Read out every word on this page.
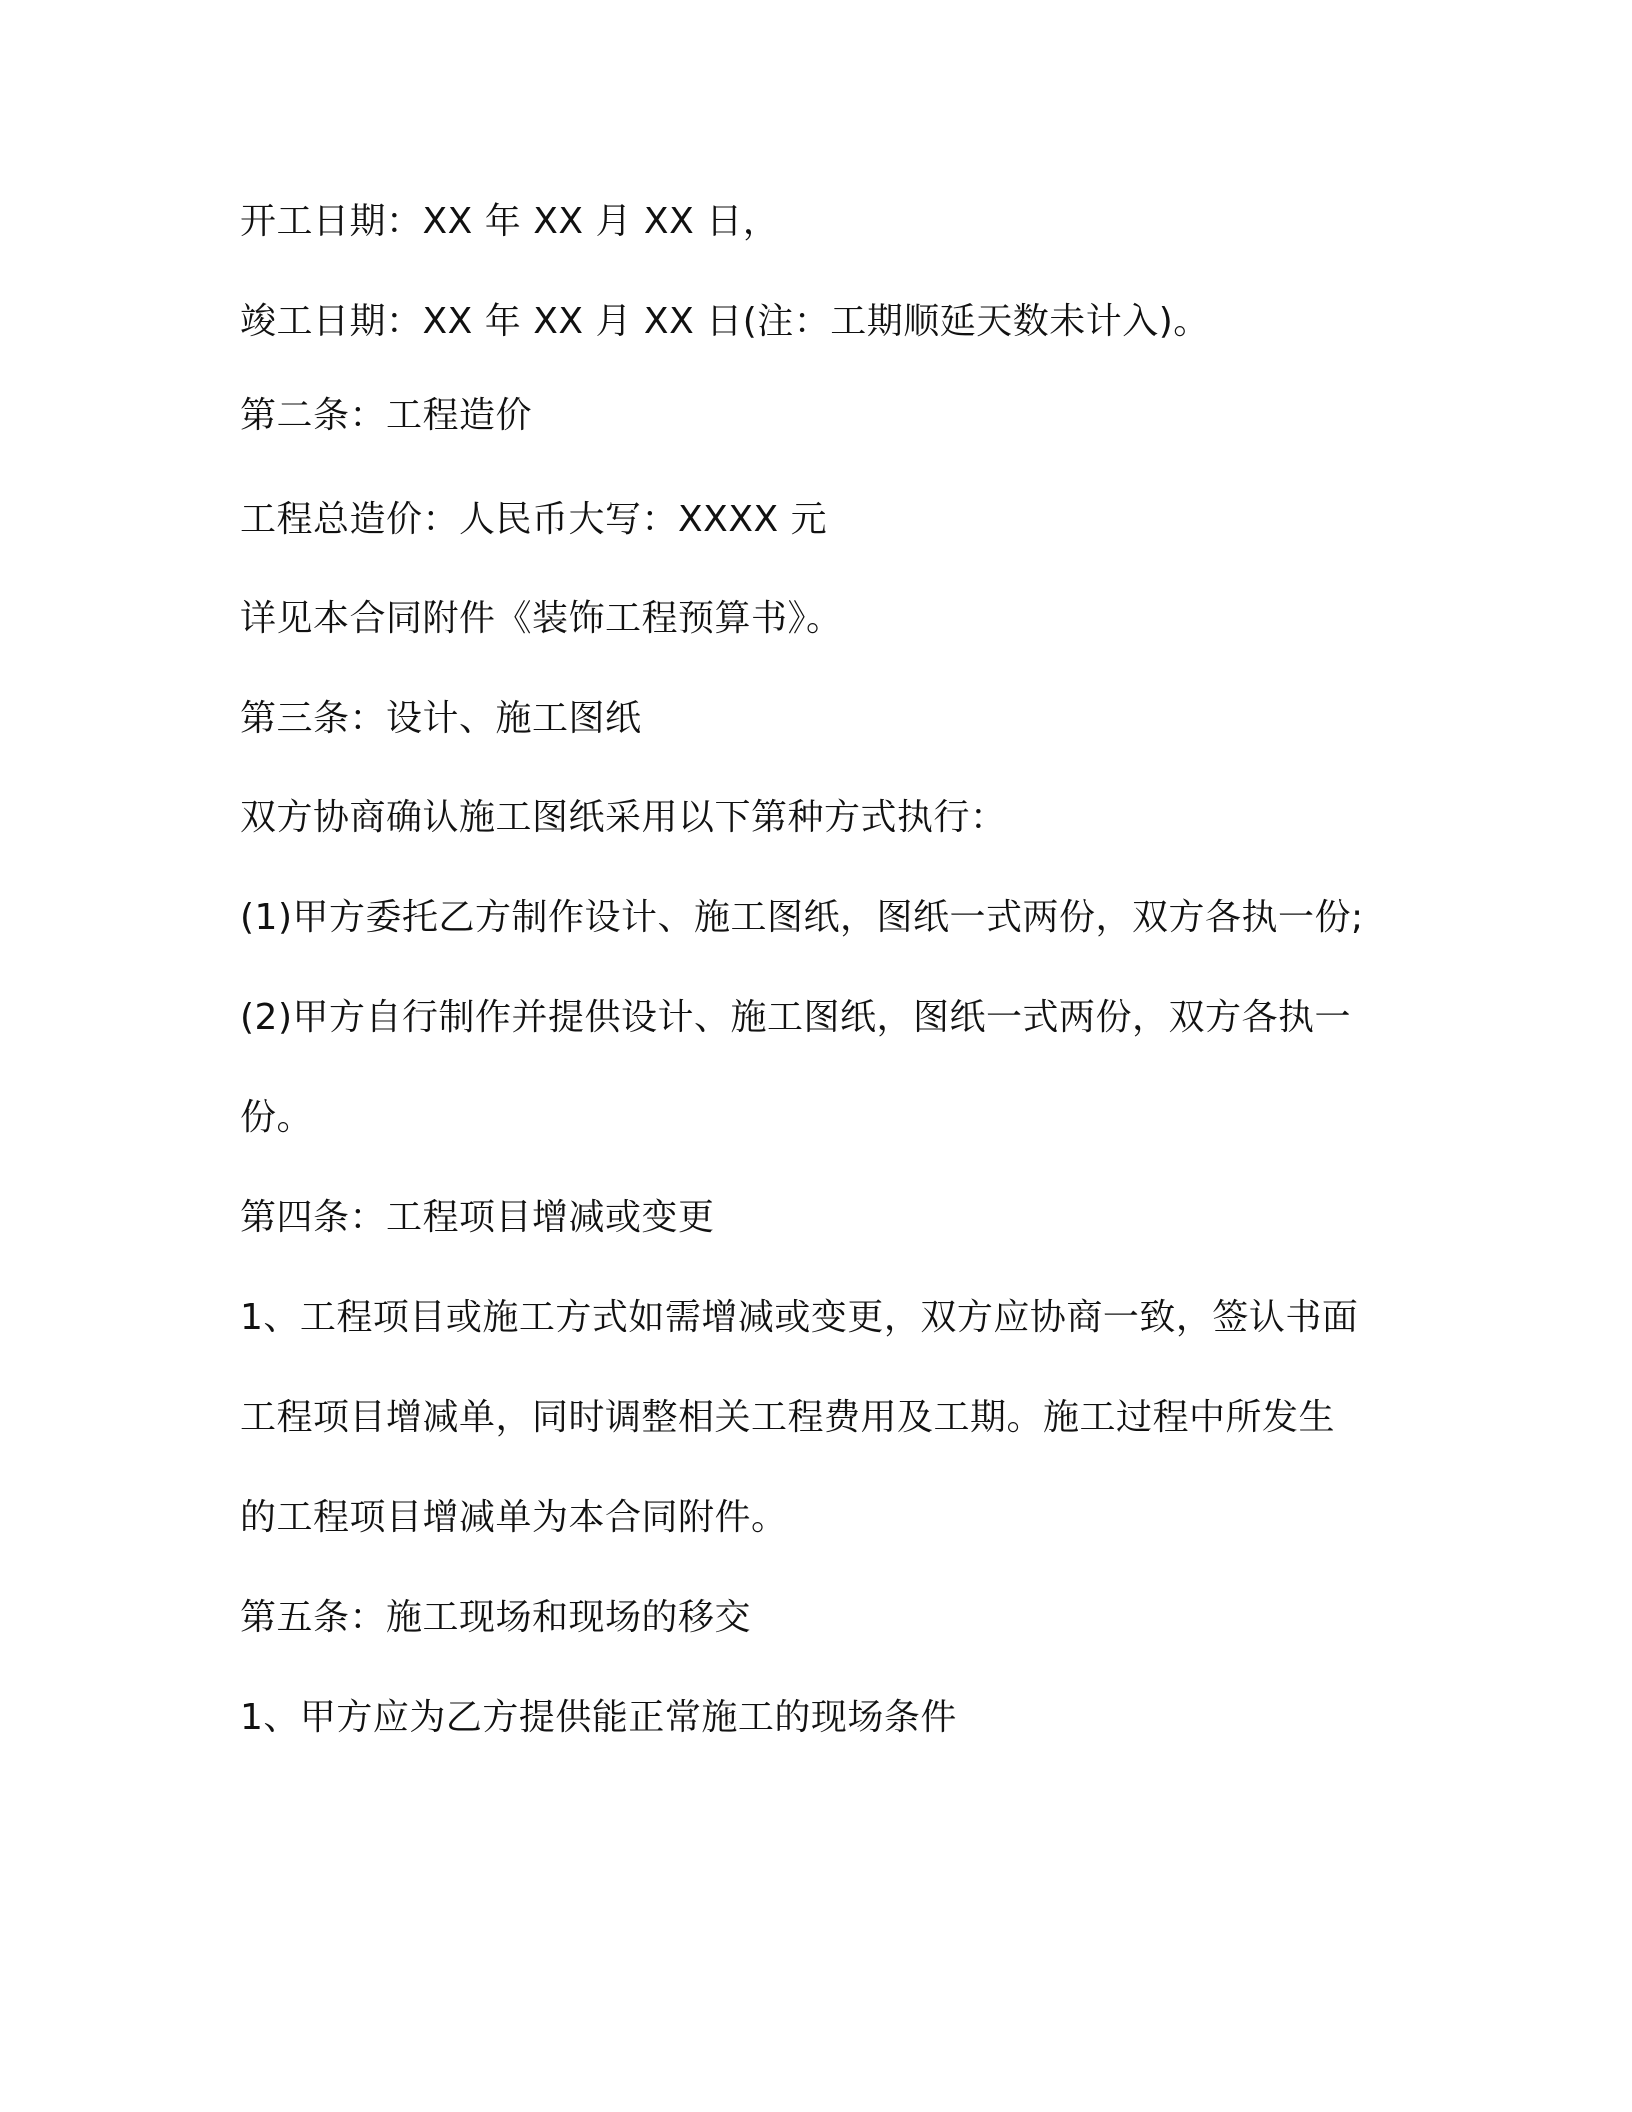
开工日期：XX 年 XX 月 XX 日，
竣工日期：XX 年 XX 月 XX 日(注：工期顺延天数未计入)。
第二条：工程造价
工程总造价：人民币大写：XXXX 元
详见本合同附件《装饰工程预算书》。
第三条：设计、施工图纸
双方协商确认施工图纸采用以下第种方式执行：
(1)甲方委托乙方制作设计、施工图纸，图纸一式两份，双方各执一份;
(2)甲方自行制作并提供设计、施工图纸，图纸一式两份，双方各执一
份。
第四条：工程项目增减或变更
1、工程项目或施工方式如需增减或变更，双方应协商一致，签认书面
工程项目增减单，同时调整相关工程费用及工期。施工过程中所发生
的工程项目增减单为本合同附件。
第五条：施工现场和现场的移交
1、甲方应为乙方提供能正常施工的现场条件
